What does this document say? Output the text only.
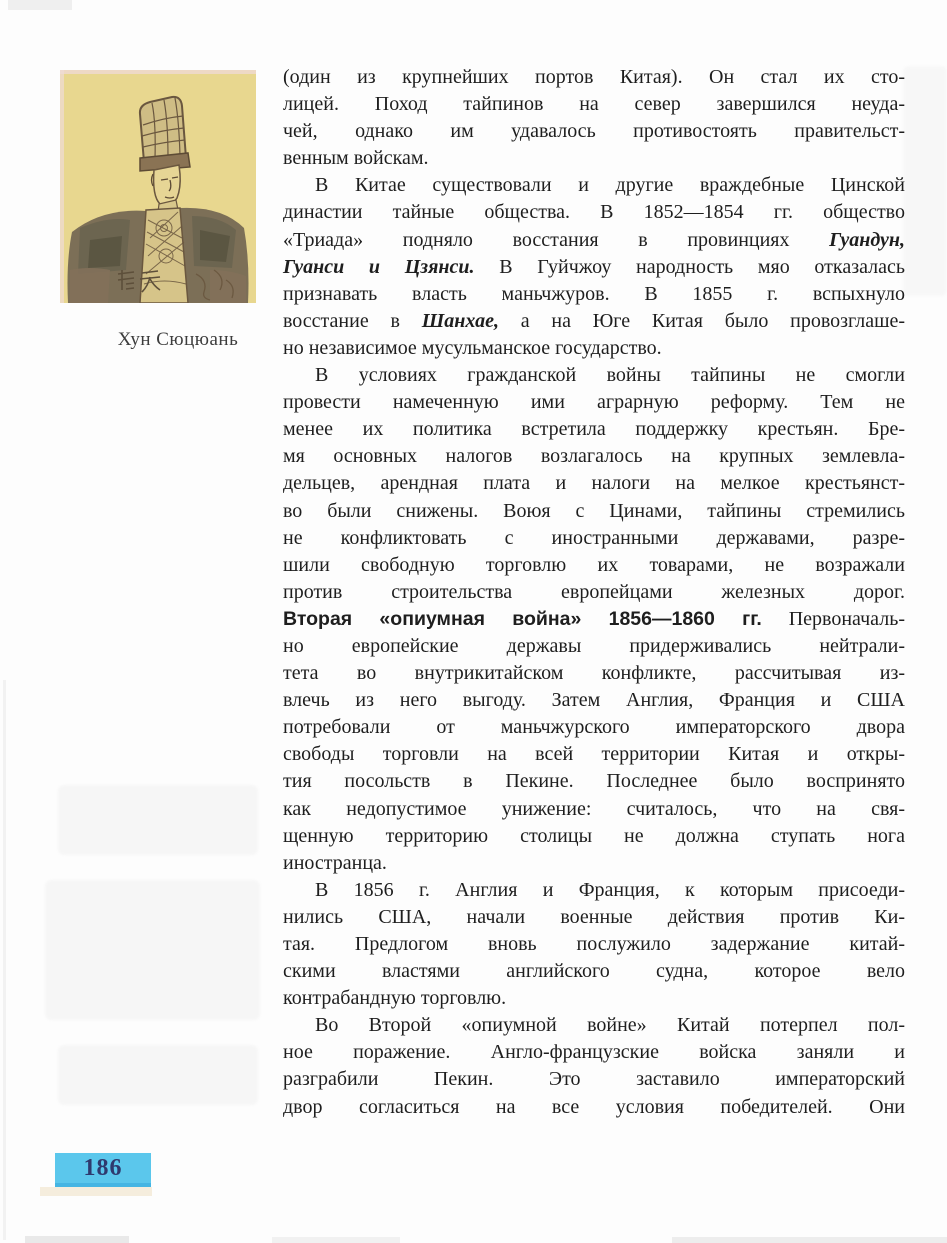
Хун Сюцюань
(один из крупнейших портов Китая). Он стал их сто-
лицей. Поход тайпинов на север завершился неуда-
чей, однако им удавалось противостоять правительст-
венным войскам.
В Китае существовали и другие враждебные Цинской
династии тайные общества. В 1852—1854 гг. общество
«Триада» подняло восстания в провинциях Гуандун,
Гуанси и Цзянси. В Гуйчжоу народность мяо отказалась
признавать власть маньчжуров. В 1855 г. вспыхнуло
восстание в Шанхае, а на Юге Китая было провозглаше-
но независимое мусульманское государство.
В условиях гражданской войны тайпины не смогли
провести намеченную ими аграрную реформу. Тем не
менее их политика встретила поддержку крестьян. Бре-
мя основных налогов возлагалось на крупных землевла-
дельцев, арендная плата и налоги на мелкое крестьянст-
во были снижены. Воюя с Цинами, тайпины стремились
не конфликтовать с иностранными державами, разре-
шили свободную торговлю их товарами, не возражали
против строительства европейцами железных дорог.
Вторая «опиумная война» 1856—1860 гг. Первоначаль-
но европейские державы придерживались нейтрали-
тета во внутрикитайском конфликте, рассчитывая из-
влечь из него выгоду. Затем Англия, Франция и США
потребовали от маньчжурского императорского двора
свободы торговли на всей территории Китая и откры-
тия посольств в Пекине. Последнее было воспринято
как недопустимое унижение: считалось, что на свя-
щенную территорию столицы не должна ступать нога
иностранца.
В 1856 г. Англия и Франция, к которым присоеди-
нились США, начали военные действия против Ки-
тая. Предлогом вновь послужило задержание китай-
скими властями английского судна, которое вело
контрабандную торговлю.
Во Второй «опиумной войне» Китай потерпел пол-
ное поражение. Англо-французские войска заняли и
разграбили Пекин. Это заставило императорский
двор согласиться на все условия победителей. Они
186
